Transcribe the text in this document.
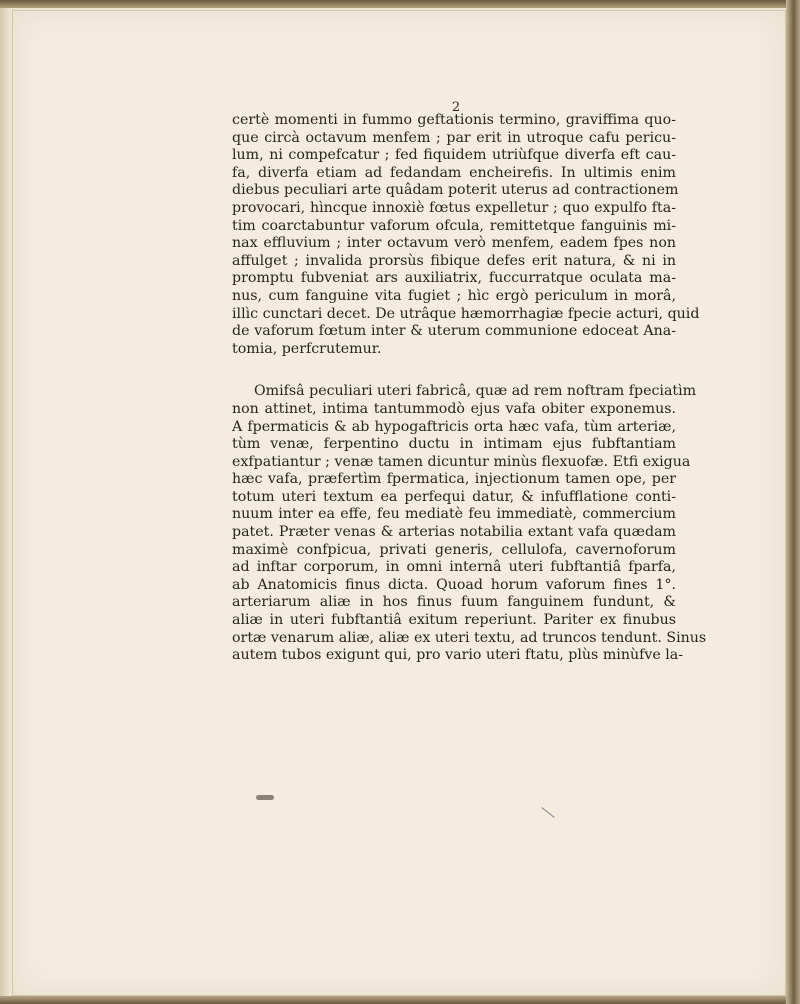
2
certè momenti in fummo geftationis termino, graviffima quo-
que circà octavum menfem ; par erit in utroque cafu pericu-
lum, ni compefcatur ; fed fiquidem utriùfque diverfa eft cau-
fa, diverfa etiam ad fedandam encheirefis. In ultimis enim
diebus peculiari arte quâdam poterit uterus ad contractionem
provocari, hìncque innoxiè fœtus expelletur ; quo expulfo fta-
tim coarctabuntur vaforum ofcula, remittetque fanguinis mi-
nax effluvium ; inter octavum verò menfem, eadem fpes non
affulget ; invalida prorsùs fibique defes erit natura, & ni in
promptu fubveniat ars auxiliatrix, fuccurratque oculata ma-
nus, cum fanguine vita fugiet ; hìc ergò periculum in morâ,
illìc cunctari decet. De utrâque hæmorrhagiæ fpecie acturi, quid
de vaforum fœtum inter & uterum communione edoceat Ana-
tomia, perfcrutemur.
Omifsâ peculiari uteri fabricâ, quæ ad rem noftram fpeciatìm
non attinet, intima tantummodò ejus vafa obiter exponemus.
A fpermaticis & ab hypogaftricis orta hæc vafa, tùm arteriæ,
tùm venæ, ferpentino ductu in intimam ejus fubftantiam
exfpatiantur ; venæ tamen dicuntur minùs flexuofæ. Etfi exigua
hæc vafa, præfertìm fpermatica, injectionum tamen ope, per
totum uteri textum ea perfequi datur, & infufflatione conti-
nuum inter ea effe, feu mediatè feu immediatè, commercium
patet. Præter venas & arterias notabilia extant vafa quædam
maximè confpicua, privati generis, cellulofa, cavernoforum
ad inftar corporum, in omni internâ uteri fubftantiâ fparfa,
ab Anatomicis finus dicta. Quoad horum vaforum fines 1°.
arteriarum aliæ in hos finus fuum fanguinem fundunt, &
aliæ in uteri fubftantiâ exitum reperiunt. Pariter ex finubus
ortæ venarum aliæ, aliæ ex uteri textu, ad truncos tendunt. Sinus
autem tubos exigunt qui, pro vario uteri ftatu, plùs minùfve la-
